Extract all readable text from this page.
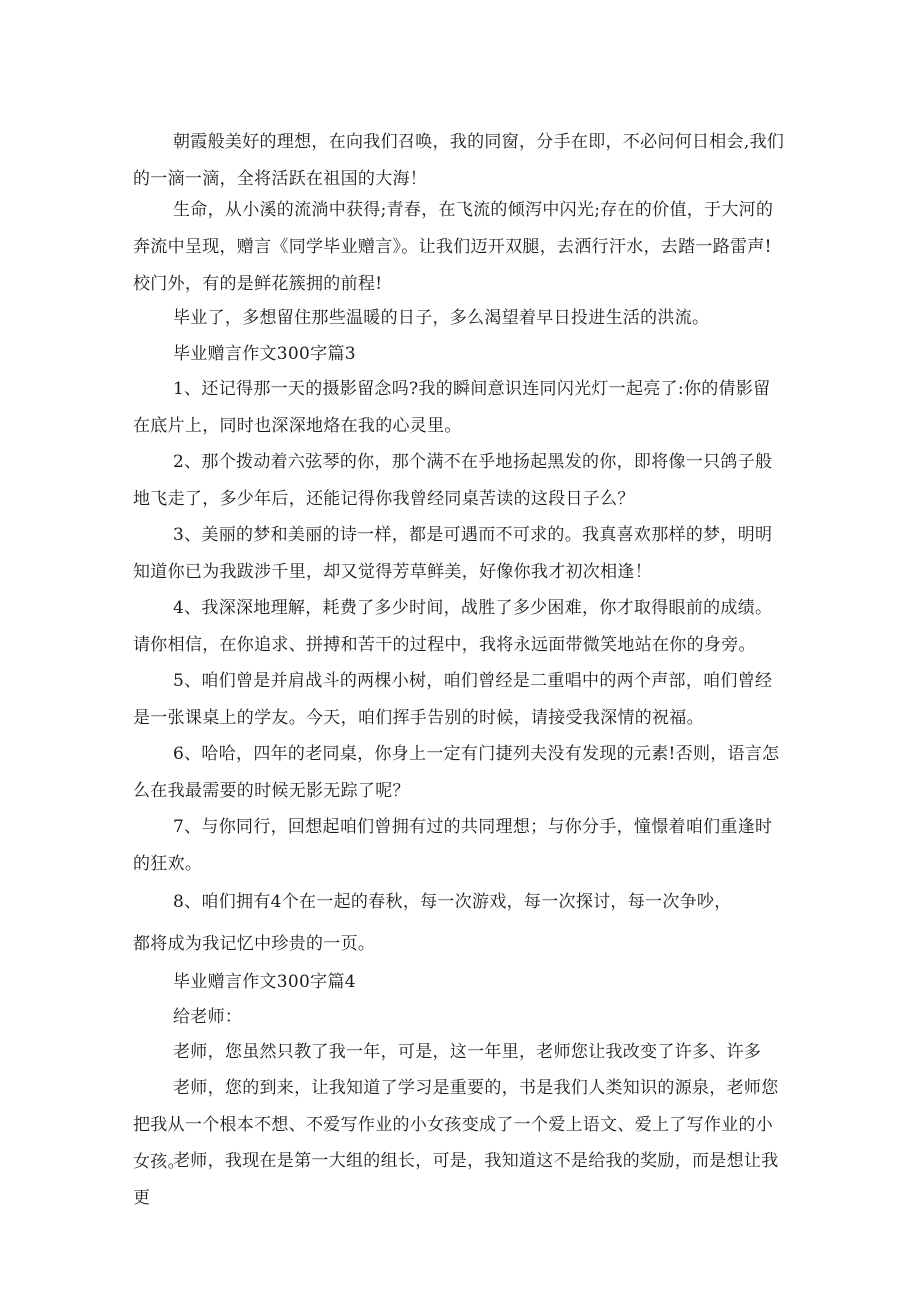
朝霞般美好的理想，在向我们召唤，我的同窗，分手在即，不必问何日相会,我们的一滴一滴，全将活跃在祖国的大海！
生命，从小溪的流淌中获得;青春，在飞流的倾泻中闪光;存在的价值，于大河的奔流中呈现，赠言《同学毕业赠言》。让我们迈开双腿，去洒行汗水，去踏一路雷声!校门外，有的是鲜花簇拥的前程!
毕业了，多想留住那些温暖的日子，多么渴望着早日投进生活的洪流。
毕业赠言作文300字篇3
1、还记得那一天的摄影留念吗?我的瞬间意识连同闪光灯一起亮了:你的倩影留在底片上，同时也深深地烙在我的心灵里。
2、那个拨动着六弦琴的你，那个满不在乎地扬起黑发的你，即将像一只鸽子般地飞走了，多少年后，还能记得你我曾经同桌苦读的这段日子么？
3、美丽的梦和美丽的诗一样，都是可遇而不可求的。我真喜欢那样的梦，明明知道你已为我跋涉千里，却又觉得芳草鲜美，好像你我才初次相逢！
4、我深深地理解，耗费了多少时间，战胜了多少困难，你才取得眼前的成绩。请你相信，在你追求、拼搏和苦干的过程中，我将永远面带微笑地站在你的身旁。
5、咱们曾是并肩战斗的两棵小树，咱们曾经是二重唱中的两个声部，咱们曾经是一张课桌上的学友。今天，咱们挥手告别的时候，请接受我深情的祝福。
6、哈哈，四年的老同桌，你身上一定有门捷列夫没有发现的元素!否则，语言怎么在我最需要的时候无影无踪了呢？
7、与你同行，回想起咱们曾拥有过的共同理想；与你分手，憧憬着咱们重逢时的狂欢。
8、咱们拥有4个在一起的春秋，每一次游戏，每一次探讨，每一次争吵，
都将成为我记忆中珍贵的一页。
毕业赠言作文300字篇4
给老师：
老师，您虽然只教了我一年，可是，这一年里，老师您让我改变了许多、许多
老师，您的到来，让我知道了学习是重要的，书是我们人类知识的源泉，老师您把我从一个根本不想、不爱写作业的小女孩变成了一个爱上语文、爱上了写作业的小女孩。
老师，我现在是第一大组的组长，可是，我知道这不是给我的奖励，而是想让我更
